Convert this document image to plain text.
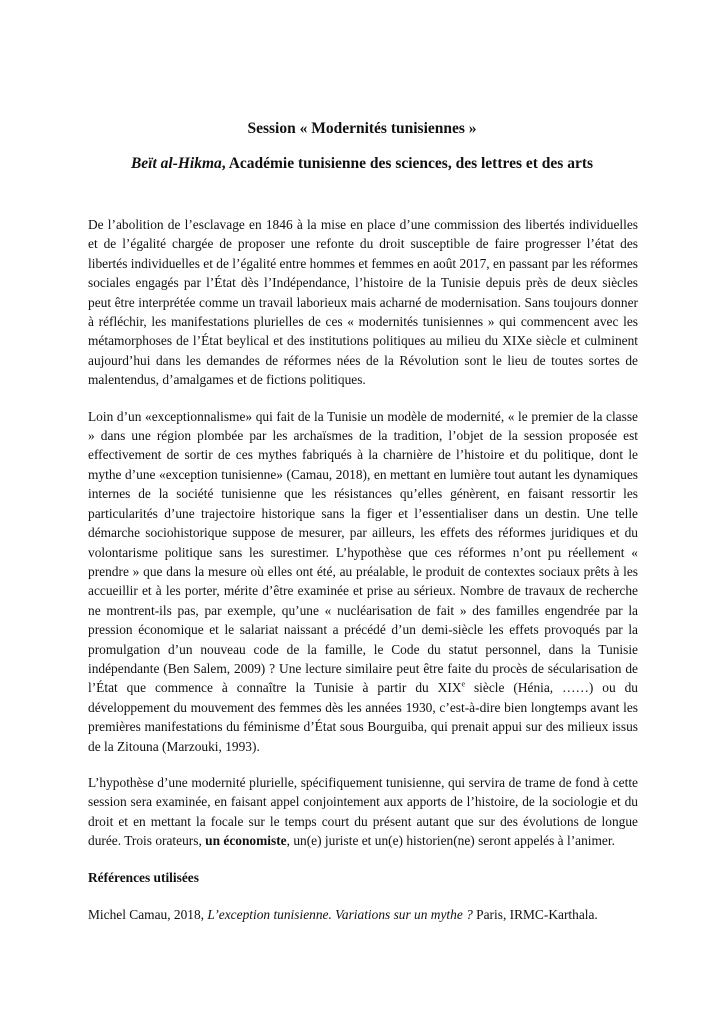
Session « Modernités tunisiennes »
Beït al-Hikma, Académie tunisienne des sciences, des lettres et des arts

De l’abolition de l’esclavage en 1846 à la mise en place d’une commission des libertés individuelles et de l’égalité chargée de proposer une refonte du droit susceptible de faire progresser l’état des libertés individuelles et de l’égalité entre hommes et femmes en août 2017, en passant par les réformes sociales engagés par l’État dès l’Indépendance, l’histoire de la Tunisie depuis près de deux siècles peut être interprétée comme un travail laborieux mais acharné de modernisation. Sans toujours donner à réfléchir, les manifestations plurielles de ces « modernités tunisiennes » qui commencent avec les métamorphoses de l’État beylical et des institutions politiques au milieu du XIXe siècle et culminent aujourd’hui dans les demandes de réformes nées de la Révolution sont le lieu de toutes sortes de malentendus, d’amalgames et de fictions politiques.

Loin d’un «exceptionnalisme» qui fait de la Tunisie un modèle de modernité, « le premier de la classe » dans une région plombée par les archaïsmes de la tradition, l’objet de la session proposée est effectivement de sortir de ces mythes fabriqués à la charnière de l’histoire et du politique, dont le mythe d’une «exception tunisienne» (Camau, 2018), en mettant en lumière tout autant les dynamiques internes de la société tunisienne que les résistances qu’elles génèrent, en faisant ressortir les particularités d’une trajectoire historique sans la figer et l’essentialiser dans un destin. Une telle démarche sociohistorique suppose de mesurer, par ailleurs, les effets des réformes juridiques et du volontarisme politique sans les surestimer. L’hypothèse que ces réformes n’ont pu réellement « prendre » que dans la mesure où elles ont été, au préalable, le produit de contextes sociaux prêts à les accueillir et à les porter, mérite d’être examinée et prise au sérieux. Nombre de travaux de recherche ne montrent-ils pas, par exemple, qu’une « nucléarisation de fait » des familles engendrée par la pression économique et le salariat naissant a précédé d’un demi-siècle les effets provoqués par la promulgation d’un nouveau code de la famille, le Code du statut personnel, dans la Tunisie indépendante (Ben Salem, 2009) ? Une lecture similaire peut être faite du procès de sécularisation de l’État que commence à connaître la Tunisie à partir du XIXe siècle (Hénia, ……) ou du développement du mouvement des femmes dès les années 1930, c’est-à-dire bien longtemps avant les premières manifestations du féminisme d’État sous Bourguiba, qui prenait appui sur des milieux issus de la Zitouna (Marzouki, 1993).

L’hypothèse d’une modernité plurielle, spécifiquement tunisienne, qui servira de trame de fond à cette session sera examinée, en faisant appel conjointement aux apports de l’histoire, de la sociologie et du droit et en mettant la focale sur le temps court du présent autant que sur des évolutions de longue durée. Trois orateurs, un économiste, un(e) juriste et un(e) historien(ne) seront appelés à l’animer.

Références utilisées

Michel Camau, 2018, L’exception tunisienne. Variations sur un mythe ? Paris, IRMC-Karthala.
